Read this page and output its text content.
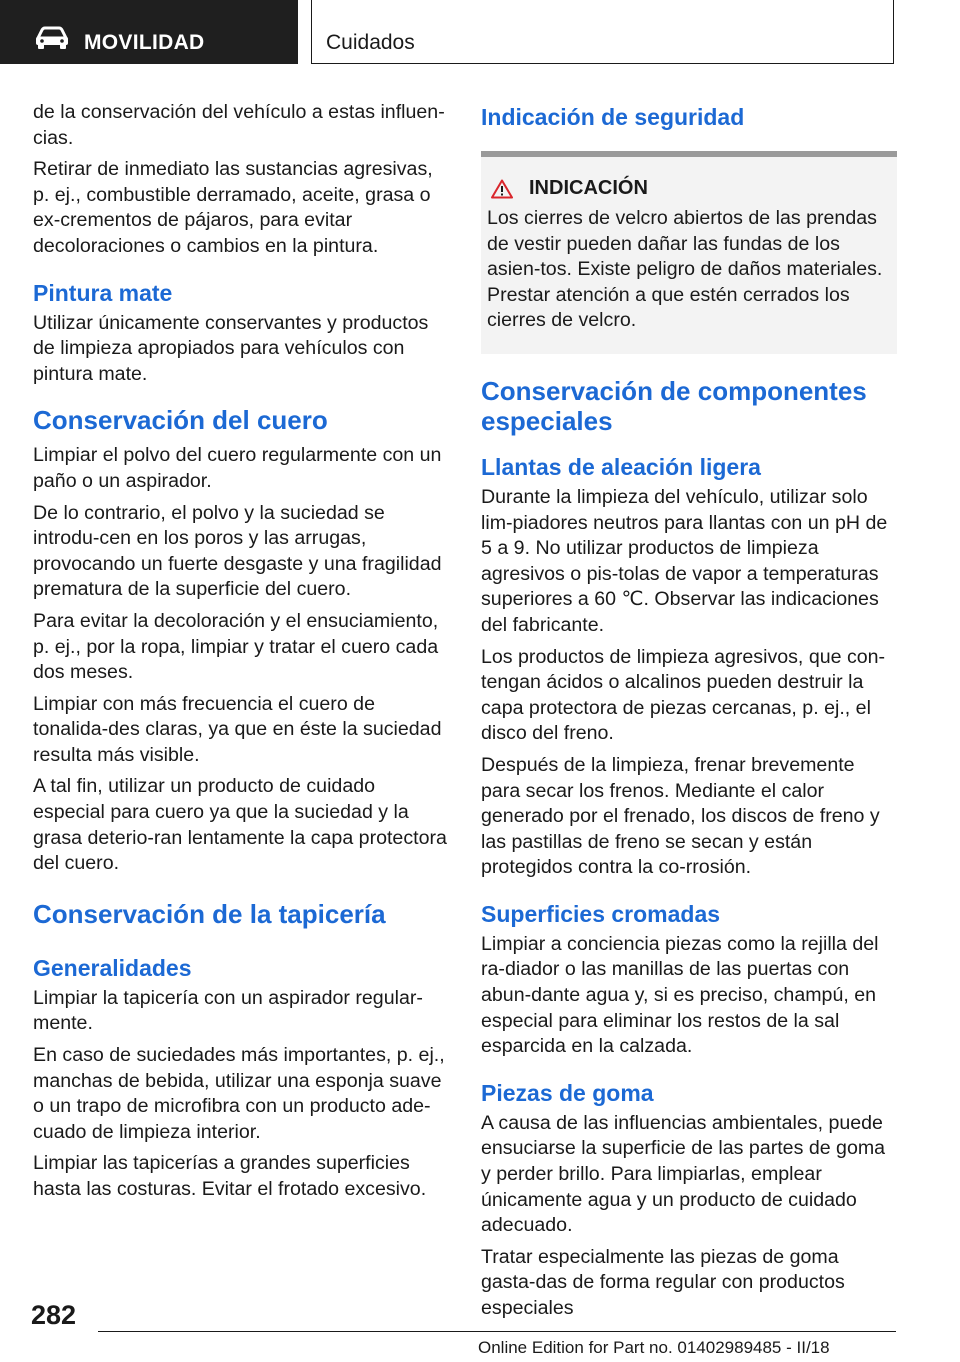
MOVILIDAD	Cuidados

de la conservación del vehículo a estas influen-cias.

Retirar de inmediato las sustancias agresivas, p. ej., combustible derramado, aceite, grasa o ex-crementos de pájaros, para evitar decoloraciones o cambios en la pintura.

Pintura mate

Utilizar únicamente conservantes y productos de limpieza apropiados para vehículos con pintura mate.

Conservación del cuero

Limpiar el polvo del cuero regularmente con un paño o un aspirador.

De lo contrario, el polvo y la suciedad se introdu-cen en los poros y las arrugas, provocando un fuerte desgaste y una fragilidad prematura de la superficie del cuero.

Para evitar la decoloración y el ensuciamiento, p. ej., por la ropa, limpiar y tratar el cuero cada dos meses.

Limpiar con más frecuencia el cuero de tonalida-des claras, ya que en éste la suciedad resulta más visible.

A tal fin, utilizar un producto de cuidado especial para cuero ya que la suciedad y la grasa deterio-ran lentamente la capa protectora del cuero.

Conservación de la tapicería
Generalidades

Limpiar la tapicería con un aspirador regular-mente.

En caso de suciedades más importantes, p. ej., manchas de bebida, utilizar una esponja suave o un trapo de microfibra con un producto ade-cuado de limpieza interior.

Limpiar las tapicerías a grandes superficies hasta las costuras. Evitar el frotado excesivo.

Indicación de seguridad
INDICACIÓN

Los cierres de velcro abiertos de las prendas de vestir pueden dañar las fundas de los asien-tos. Existe peligro de daños materiales. Prestar atención a que estén cerrados los cierres de velcro.

Conservación de componentes especiales
Llantas de aleación ligera

Durante la limpieza del vehículo, utilizar solo lim-piadores neutros para llantas con un pH de 5 a 9. No utilizar productos de limpieza agresivos o pis-tolas de vapor a temperaturas superiores a 60 ℃. Observar las indicaciones del fabricante.

Los productos de limpieza agresivos, que con-tengan ácidos o alcalinos pueden destruir la capa protectora de piezas cercanas, p. ej., el disco del freno.

Después de la limpieza, frenar brevemente para secar los frenos. Mediante el calor generado por el frenado, los discos de freno y las pastillas de freno se secan y están protegidos contra la co-rrosión.

Superficies cromadas

Limpiar a conciencia piezas como la rejilla del ra-diador o las manillas de las puertas con abun-dante agua y, si es preciso, champú, en especial para eliminar los restos de la sal esparcida en la calzada.

Piezas de goma

A causa de las influencias ambientales, puede ensuciarse la superficie de las partes de goma y perder brillo. Para limpiarlas, emplear únicamente agua y un producto de cuidado adecuado.

Tratar especialmente las piezas de goma gasta-das de forma regular con productos especiales

282
Online Edition for Part no. 01402989485 - II/18
